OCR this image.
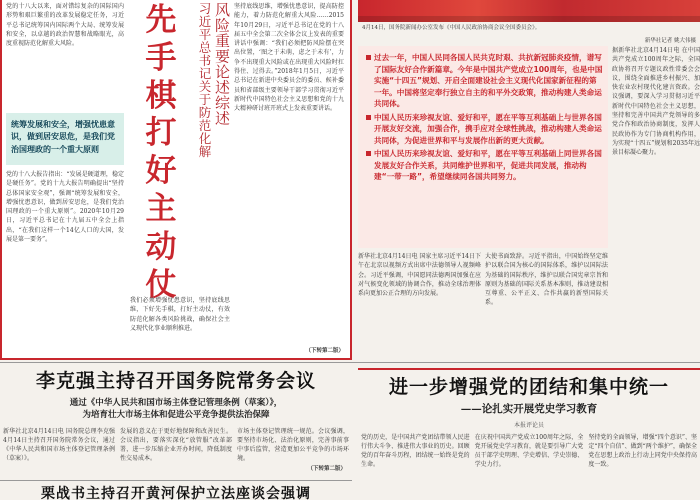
党的十八大以来，面对错综复杂的国际国内形势和艰巨繁重的改革发展稳定任务，习近平总书记统筹国内国际两个大局、统筹发展和安全，以卓越的政治智慧和战略眼光，高度重视防范化解重大风险。

统筹发展和安全，增强忧患意识，做到居安思危，是我们党治国理政的一个重大原则

党的十八大报告指出：“发展是硬道理，稳定是硬任务”。党的十九大报告明确提出“坚持总体国家安全观”，强调“统筹发展和安全，增强忧患意识，做到居安思危，是我们党治国理政的一个重大原则”。2020年10月29日，习近平总书记在十九届五中全会上指出，“在我们这样一个14亿人口的大国，发展是第一要务”。
先
手
棋
打
好
主
动
仗
风险重要论述综述
习近平总书记关于防范化解	坚持底线思维，增强忧患意识，提高防控能力，着力防范化解重大风险……2015年10月29日，习近平总书记在党的十八届五中全会第二次全体会议上发表的重要讲话中强调：“我们必须把防风险摆在突出位置，‘图之于未萌，虑之于未有’，力争不出现重大风险或在出现重大风险时扛得住、过得去。”2018年1月5日，习近平总书记在新进中央委员会的委员、候补委员和省部级主要领导干部学习贯彻习近平新时代中国特色社会主义思想和党的十九大精神研讨班开班式上发表重要讲话。
我们必须增强忧患意识，坚持底线思维，下好先手棋，打好主动仗，有效防范化解各类风险挑战，确保社会主义现代化事业顺利推进。
（下转第二版）
4月14日，国务院新闻办公室发布《中国人民政治协商会议全国委员会》。
新华社记者 姚大伟摄
过去一年，中国人民同各国人民共克时艰、共抗新冠肺炎疫情，谱写了国际友好合作新篇章。今年是中国共产党成立100周年，也是中国实施“十四五”规划、开启全面建设社会主义现代化国家新征程的第一年。中国将坚定奉行独立自主的和平外交政策，推动构建人类命运共同体。
中国人民历来珍视友谊、爱好和平，愿在平等互利基础上与世界各国开展友好交流，加强合作，携手应对全球性挑战，推动构建人类命运共同体，为促进世界和平与发展作出新的更大贡献。
中国人民历来珍视友谊、爱好和平，愿在平等互利基础上同世界各国发展友好合作关系，共同维护世界和平，促进共同发展，推动构建“一带一路”，希望继续同各国共同努力。
据新华社北京4月14日电 在中国共产党成立100周年之际，全国政协将召开专题议政性常委会会议，围绕全面推进乡村振兴、加快农业农村现代化建言资政。会议强调，要深入学习贯彻习近平新时代中国特色社会主义思想，坚持和完善中国共产党领导的多党合作和政治协商制度，发挥人民政协作为专门协商机构作用，为实现“十四五”规划和2035年远景目标凝心聚力。
新华社北京4月14日电 国家主席习近平14日下午在北京以视频方式出席中法德领导人视频峰会。习近平强调，中国愿同法德两国加强在应对气候变化领域的协调合作，推动全球治理体系向更加公正合理的方向发展。
大使书面致辞。习近平指出，中国始终坚定维护以联合国为核心的国际体系，维护以国际法为基础的国际秩序，维护以联合国宪章宗旨和原则为基础的国际关系基本准则，推动建设相互尊重、公平正义、合作共赢的新型国际关系。
李克强主持召开国务院常务会议
通过《中华人民共和国市场主体登记管理条例（草案）》，
为培育壮大市场主体和促进公平竞争提供法治保障
新华社北京4月14日电 国务院总理李克强4月14日主持召开国务院常务会议，通过《中华人民共和国市场主体登记管理条例（草案）》。
发展的意义在于更好地保障和改善民生。会议指出，要落实深化“放管服”改革部署，进一步压缩企业开办时间，降低制度性交易成本。
市场主体登记管理统一规范。会议强调，要坚持市场化、法治化原则，完善事前事中事后监管，营造更加公平竞争的市场环境。
（下转第二版）
进一步增强党的团结和集中统一
——论扎实开展党史学习教育
本报评论员
党的历史，是中国共产党团结带领人民进行伟大斗争、推进伟大事业的历史。回顾党的百年奋斗历程，团结统一始终是党的生命。
在庆祝中国共产党成立100周年之际，全党开展党史学习教育，就是要引导广大党员干部学史明理、学史增信、学史崇德、学史力行。
坚持党的全面领导，增强“四个意识”、坚定“四个自信”、做到“两个维护”，确保全党在思想上政治上行动上同党中央保持高度一致。
栗战书主持召开黄河保护立法座谈会强调
